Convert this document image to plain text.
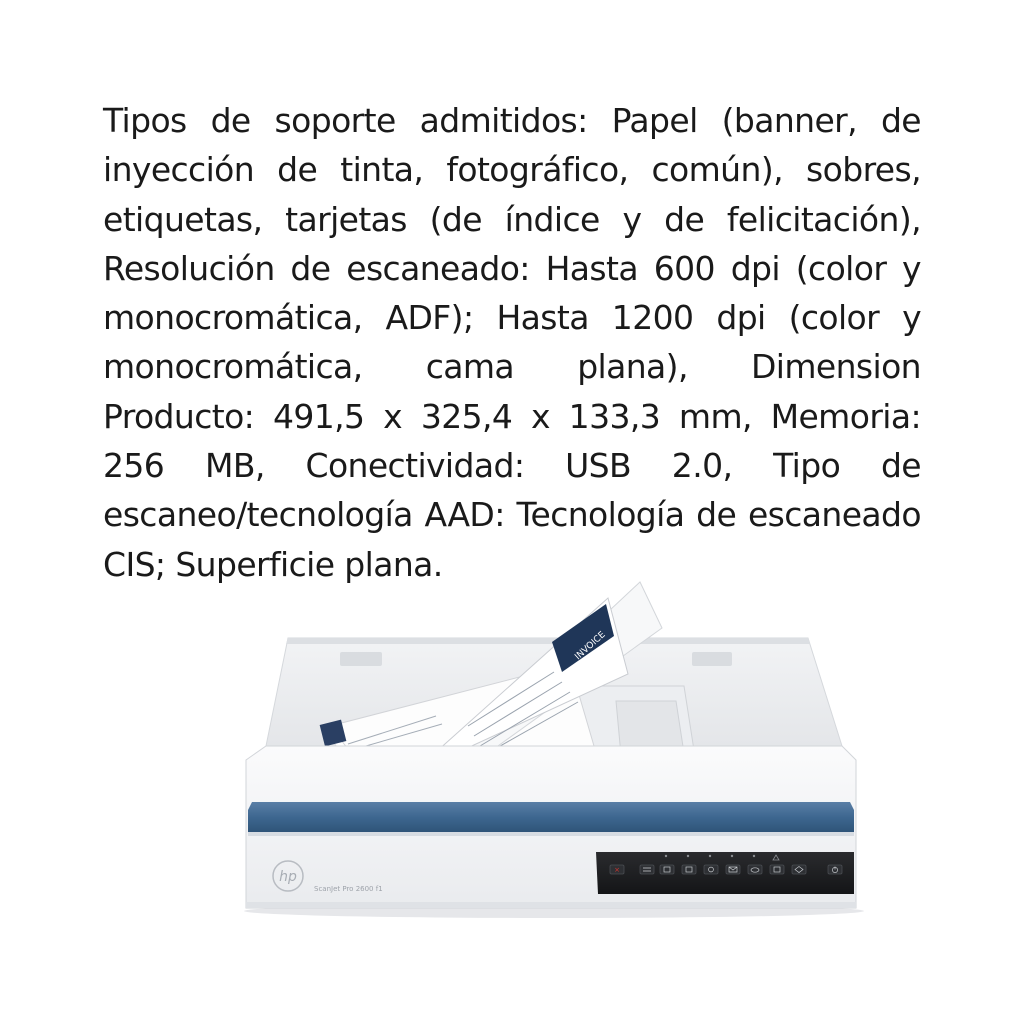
Tipos de soporte admitidos: Papel (banner, de inyección de tinta, fotográfico, común), sobres, etiquetas, tarjetas (de índice y de felicitación), Resolución de escaneado: Hasta 600 dpi (color y monocromática, ADF); Hasta 1200 dpi (color y monocromática, cama plana), Dimension Producto: 491,5 x 325,4 x 133,3 mm, Memoria: 256 MB, Conectividad: USB 2.0, Tipo de escaneo/tecnología AAD: Tecnología de escaneado CIS; Superficie plana.

INVOICE
hp
ScanJet Pro 2600 f1
×
